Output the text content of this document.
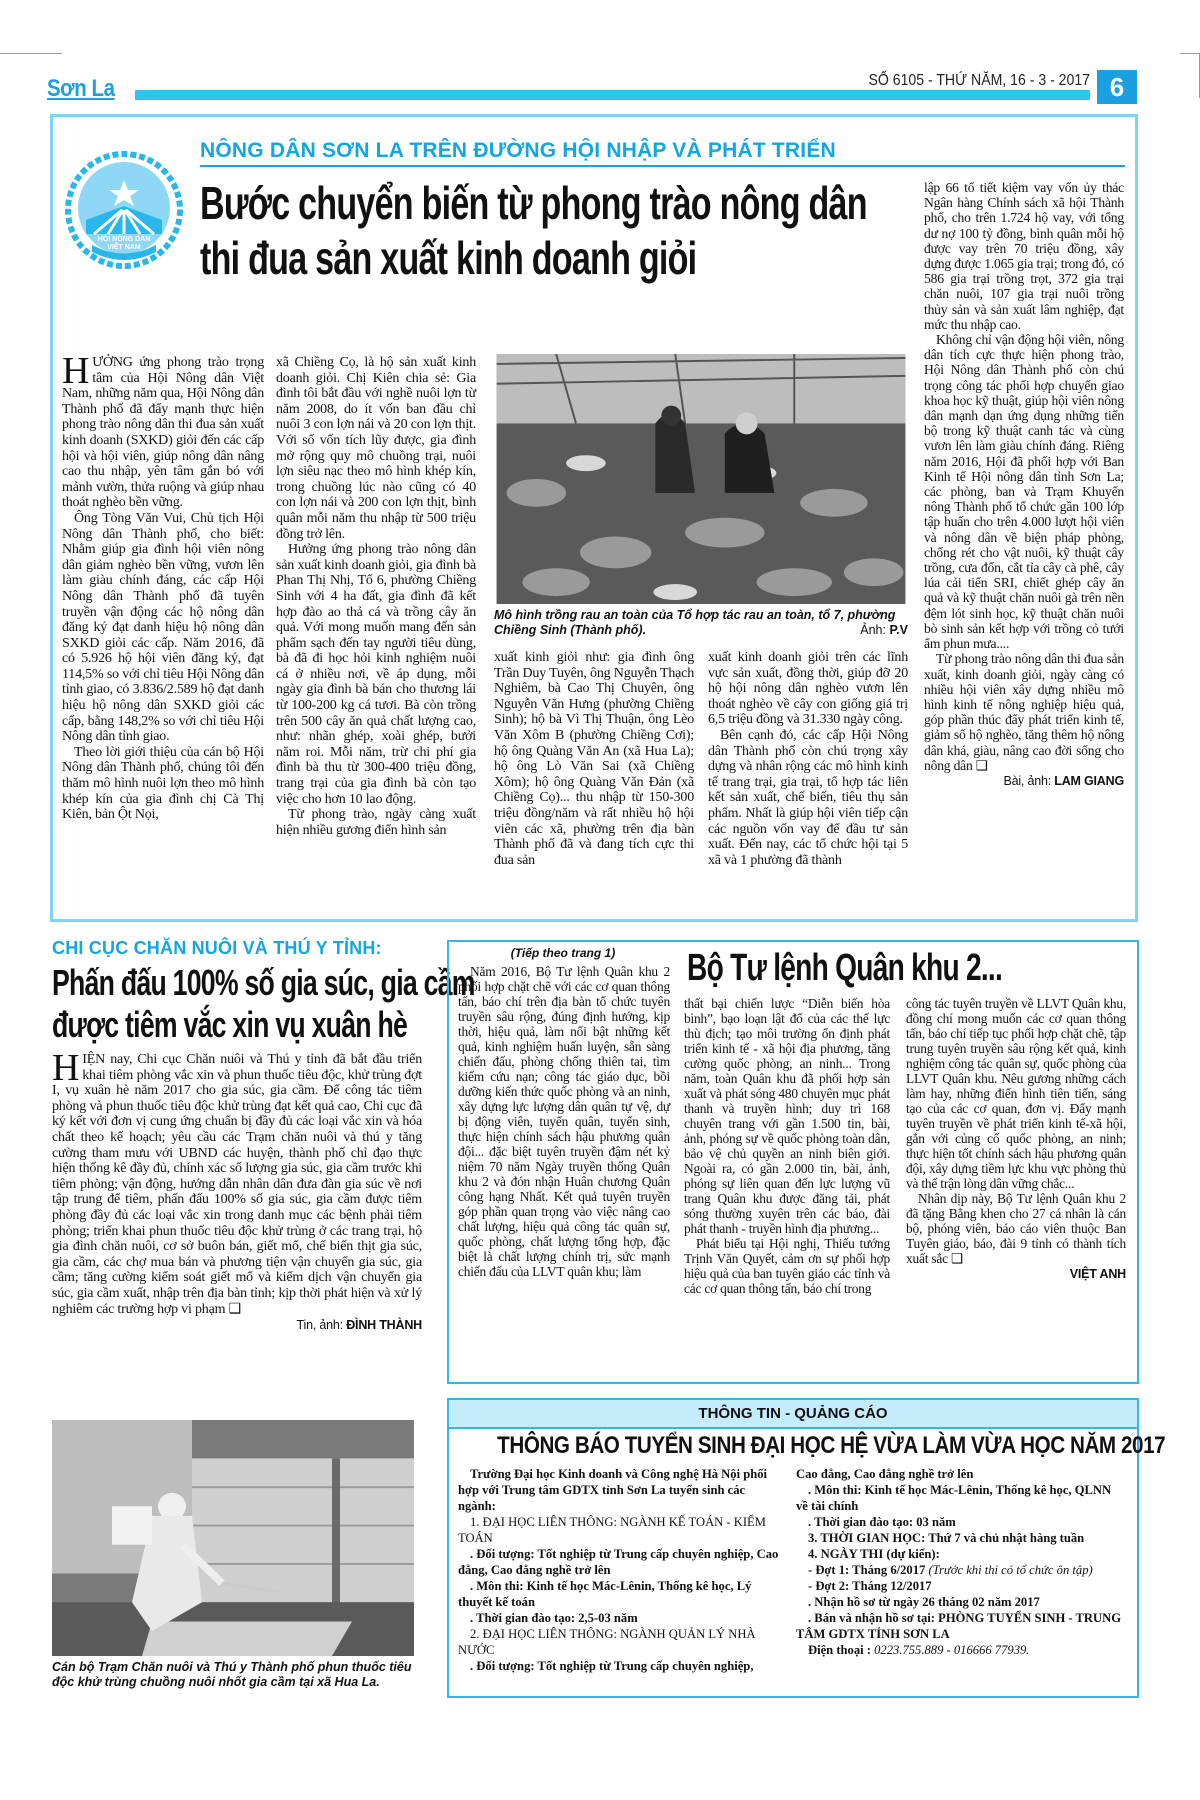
Sơn La	SỐ 6105 - THỨ NĂM, 16 - 3 - 2017 6
HỘI NÔNG DÂN
VIỆT NAM
NÔNG DÂN SƠN LA TRÊN ĐƯỜNG HỘI NHẬP VÀ PHÁT TRIỂN
Bước chuyển biến từ phong trào nông dân
thi đua sản xuất kinh doanh giỏi

HƯỞNG ứng phong trào trọng tâm của Hội Nông dân Việt Nam, những năm qua, Hội Nông dân Thành phố đã đẩy mạnh thực hiện phong trào nông dân thi đua sản xuất kinh doanh (SXKD) giỏi đến các cấp hội và hội viên, giúp nông dân nâng cao thu nhập, yên tâm gắn bó với mảnh vườn, thửa ruộng và giúp nhau thoát nghèo bền vững.

Ông Tòng Văn Vui, Chủ tịch Hội Nông dân Thành phố, cho biết: Nhằm giúp gia đình hội viên nông dân giảm nghèo bền vững, vươn lên làm giàu chính đáng, các cấp Hội Nông dân Thành phố đã tuyên truyền vận động các hộ nông dân đăng ký đạt danh hiệu hộ nông dân SXKD giỏi các cấp. Năm 2016, đã có 5.926 hộ hội viên đăng ký, đạt 114,5% so với chỉ tiêu Hội Nông dân tỉnh giao, có 3.836/2.589 hộ đạt danh hiệu hộ nông dân SXKD giỏi các cấp, bằng 148,2% so với chỉ tiêu Hội Nông dân tỉnh giao.

Theo lời giới thiệu của cán bộ Hội Nông dân Thành phố, chúng tôi đến thăm mô hình nuôi lợn theo mô hình khép kín của gia đình chị Cà Thị Kiên, bản Ột Nọi,

xã Chiềng Cọ, là hộ sản xuất kinh doanh giỏi. Chị Kiên chia sẻ: Gia đình tôi bắt đầu với nghề nuôi lợn từ năm 2008, do ít vốn ban đầu chỉ nuôi 3 con lợn nái và 20 con lợn thịt. Với số vốn tích lũy được, gia đình mở rộng quy mô chuồng trại, nuôi lợn siêu nạc theo mô hình khép kín, trong chuồng lúc nào cũng có 40 con lợn nái và 200 con lợn thịt, bình quân mỗi năm thu nhập từ 500 triệu đồng trở lên.

Hưởng ứng phong trào nông dân sản xuất kinh doanh giỏi, gia đình bà Phan Thị Nhị, Tổ 6, phường Chiềng Sinh với 4 ha đất, gia đình đã kết hợp đào ao thả cá và trồng cây ăn quả. Với mong muốn mang đến sản phẩm sạch đến tay người tiêu dùng, bà đã đi học hỏi kinh nghiệm nuôi cá ở nhiều nơi, về áp dụng, mỗi ngày gia đình bà bán cho thương lái từ 100-200 kg cá tươi. Bà còn trồng trên 500 cây ăn quả chất lượng cao, như: nhãn ghép, xoài ghép, bưởi năm roi. Mỗi năm, trừ chi phí gia đình bà thu từ 300-400 triệu đồng, trang trại của gia đình bà còn tạo việc cho hơn 10 lao động.

Từ phong trào, ngày càng xuất hiện nhiều gương điển hình sản

Mô hình trồng rau an toàn của Tổ hợp tác rau an toàn, tổ 7, phường Chiềng Sinh (Thành phố).	Ảnh: P.V

xuất kinh giỏi như: gia đình ông Trần Duy Tuyên, ông Nguyễn Thạch Nghiêm, bà Cao Thị Chuyên, ông Nguyễn Văn Hưng (phường Chiềng Sinh); hộ bà Vì Thị Thuận, ông Lèo Văn Xôm B (phường Chiềng Cơi); hộ ông Quàng Văn An (xã Hua La); hộ ông Lò Văn Sai (xã Chiềng Xôm); hộ ông Quàng Văn Đản (xã Chiềng Cọ)... thu nhập từ 150-300 triệu đồng/năm và rất nhiều hộ hội viên các xã, phường trên địa bàn Thành phố đã và đang tích cực thi đua sản

xuất kinh doanh giỏi trên các lĩnh vực sản xuất, đồng thời, giúp đỡ 20 hộ hội nông dân nghèo vươn lên thoát nghèo về cây con giống giá trị 6,5 triệu đồng và 31.330 ngày công.

Bên cạnh đó, các cấp Hội Nông dân Thành phố còn chú trọng xây dựng và nhân rộng các mô hình kinh tế trang trại, gia trại, tổ hợp tác liên kết sản xuất, chế biến, tiêu thụ sản phẩm. Nhất là giúp hội viên tiếp cận các nguồn vốn vay để đầu tư sản xuất. Đến nay, các tổ chức hội tại 5 xã và 1 phường đã thành

lập 66 tổ tiết kiệm vay vốn ủy thác Ngân hàng Chính sách xã hội Thành phố, cho trên 1.724 hộ vay, với tổng dư nợ 100 tỷ đồng, bình quân mỗi hộ được vay trên 70 triệu đồng, xây dựng được 1.065 gia trại; trong đó, có 586 gia trại trồng trọt, 372 gia trại chăn nuôi, 107 gia trại nuôi trồng thủy sản và sản xuất lâm nghiệp, đạt mức thu nhập cao.

Không chỉ vận động hội viên, nông dân tích cực thực hiện phong trào, Hội Nông dân Thành phố còn chú trọng công tác phối hợp chuyển giao khoa học kỹ thuật, giúp hội viên nông dân mạnh dạn ứng dụng những tiến bộ trong kỹ thuật canh tác và cùng vươn lên làm giàu chính đáng. Riêng năm 2016, Hội đã phối hợp với Ban Kinh tế Hội nông dân tỉnh Sơn La; các phòng, ban và Trạm Khuyến nông Thành phố tổ chức gần 100 lớp tập huấn cho trên 4.000 lượt hội viên và nông dân về biện pháp phòng, chống rét cho vật nuôi, kỹ thuật cây trồng, cưa đốn, cắt tỉa cây cà phê, cây lúa cải tiến SRI, chiết ghép cây ăn quả và kỹ thuật chăn nuôi gà trên nền đệm lót sinh học, kỹ thuật chăn nuôi bò sinh sản kết hợp với trồng cỏ tưới ẩm phun mưa....

Từ phong trào nông dân thi đua sản xuất, kinh doanh giỏi, ngày càng có nhiều hội viên xây dựng nhiều mô hình kinh tế nông nghiệp hiệu quả, góp phần thúc đẩy phát triển kinh tế, giảm số hộ nghèo, tăng thêm hộ nông dân khá, giàu, nâng cao đời sống cho nông dân ❑

Bài, ảnh: LAM GIANG
CHI CỤC CHĂN NUÔI VÀ THÚ Y TỈNH:
Phấn đấu 100% số gia súc, gia cầm
được tiêm vắc xin vụ xuân hè

HIỆN nay, Chi cục Chăn nuôi và Thú y tỉnh đã bắt đầu triển khai tiêm phòng vắc xin và phun thuốc tiêu độc, khử trùng đợt I, vụ xuân hè năm 2017 cho gia súc, gia cầm. Để công tác tiêm phòng và phun thuốc tiêu độc khử trùng đạt kết quả cao, Chi cục đã ký kết với đơn vị cung ứng chuẩn bị đầy đủ các loại vắc xin và hóa chất theo kế hoạch; yêu cầu các Trạm chăn nuôi và thú y tăng cường tham mưu với UBND các huyện, thành phố chỉ đạo thực hiện thống kê đầy đủ, chính xác số lượng gia súc, gia cầm trước khi tiêm phòng; vận động, hướng dẫn nhân dân đưa đàn gia súc về nơi tập trung để tiêm, phấn đấu 100% số gia súc, gia cầm được tiêm phòng đầy đủ các loại vắc xin trong danh mục các bệnh phải tiêm phòng; triển khai phun thuốc tiêu độc khử trùng ở các trang trại, hộ gia đình chăn nuôi, cơ sở buôn bán, giết mổ, chế biến thịt gia súc, gia cầm, các chợ mua bán và phương tiện vận chuyển gia súc, gia cầm; tăng cường kiểm soát giết mổ và kiểm dịch vận chuyển gia súc, gia cầm xuất, nhập trên địa bàn tỉnh; kịp thời phát hiện và xử lý nghiêm các trường hợp vi phạm ❑

Tin, ảnh: ĐÌNH THÀNH
Cán bộ Trạm Chăn nuôi và Thú y Thành phố phun thuốc tiêu độc khử trùng chuồng nuôi nhốt gia cầm tại xã Hua La.
(Tiếp theo trang 1)	Bộ Tư lệnh Quân khu 2...

Năm 2016, Bộ Tư lệnh Quân khu 2 phối hợp chặt chẽ với các cơ quan thông tấn, báo chí trên địa bàn tổ chức tuyên truyền sâu rộng, đúng định hướng, kịp thời, hiệu quả, làm nổi bật những kết quả, kinh nghiệm huấn luyện, sẵn sàng chiến đấu, phòng chống thiên tai, tìm kiếm cứu nạn; công tác giáo dục, bồi dưỡng kiến thức quốc phòng và an ninh, xây dựng lực lượng dân quân tự vệ, dự bị động viên, tuyển quân, tuyển sinh, thực hiện chính sách hậu phương quân đội... đặc biệt tuyên truyền đậm nét kỷ niệm 70 năm Ngày truyền thống Quân khu 2 và đón nhận Huân chương Quân công hạng Nhất. Kết quả tuyên truyền góp phần quan trọng vào việc nâng cao chất lượng, hiệu quả công tác quân sự, quốc phòng, chất lượng tổng hợp, đặc biệt là chất lượng chính trị, sức mạnh chiến đấu của LLVT quân khu; làm

thất bại chiến lược “Diễn biến hòa bình”, bạo loạn lật đổ của các thế lực thù địch; tạo môi trường ổn định phát triển kinh tế - xã hội địa phương, tăng cường quốc phòng, an ninh... Trong năm, toàn Quân khu đã phối hợp sản xuất và phát sóng 480 chuyên mục phát thanh và truyền hình; duy trì 168 chuyên trang với gần 1.500 tin, bài, ảnh, phóng sự về quốc phòng toàn dân, bảo vệ chủ quyền an ninh biên giới. Ngoài ra, có gần 2.000 tin, bài, ảnh, phóng sự liên quan đến lực lượng vũ trang Quân khu được đăng tải, phát sóng thường xuyên trên các báo, đài phát thanh - truyền hình địa phương...

Phát biểu tại Hội nghị, Thiếu tướng Trịnh Văn Quyết, cảm ơn sự phối hợp hiệu quả của ban tuyên giáo các tỉnh và các cơ quan thông tấn, báo chí trong

công tác tuyên truyền về LLVT Quân khu, đồng chí mong muốn các cơ quan thông tấn, báo chí tiếp tục phối hợp chặt chẽ, tập trung tuyên truyền sâu rộng kết quả, kinh nghiệm công tác quân sự, quốc phòng của LLVT Quân khu. Nêu gương những cách làm hay, những điển hình tiên tiến, sáng tạo của các cơ quan, đơn vị. Đẩy mạnh tuyên truyền về phát triển kinh tế-xã hội, gắn với củng cố quốc phòng, an ninh; thực hiện tốt chính sách hậu phương quân đội, xây dựng tiềm lực khu vực phòng thủ và thế trận lòng dân vững chắc...

Nhân dịp này, Bộ Tư lệnh Quân khu 2 đã tặng Bằng khen cho 27 cá nhân là cán bộ, phóng viên, báo cáo viên thuộc Ban Tuyên giáo, báo, đài 9 tỉnh có thành tích xuất sắc ❑

VIỆT ANH
THÔNG TIN - QUẢNG CÁO
THÔNG BÁO TUYỂN SINH ĐẠI HỌC HỆ VỪA LÀM VỪA HỌC NĂM 2017

Trường Đại học Kinh doanh và Công nghệ Hà Nội phối hợp với Trung tâm GDTX tỉnh Sơn La tuyển sinh các ngành:

1. ĐẠI HỌC LIÊN THÔNG: NGÀNH KẾ TOÁN - KIỂM TOÁN

. Đối tượng: Tốt nghiệp từ Trung cấp chuyên nghiệp, Cao đẳng, Cao đẳng nghề trở lên

. Môn thi: Kinh tế học Mác-Lênin, Thống kê học, Lý thuyết kế toán

. Thời gian đào tạo: 2,5-03 năm

2. ĐẠI HỌC LIÊN THÔNG: NGÀNH QUẢN LÝ NHÀ NƯỚC

. Đối tượng: Tốt nghiệp từ Trung cấp chuyên nghiệp,

Cao đẳng, Cao đẳng nghề trở lên

. Môn thi: Kinh tế học Mác-Lênin, Thống kê học, QLNN về tài chính

. Thời gian đào tạo: 03 năm

3. THỜI GIAN HỌC: Thứ 7 và chủ nhật hàng tuần

4. NGÀY THI (dự kiến):

- Đợt 1: Tháng 6/2017 (Trước khi thi có tổ chức ôn tập)

- Đợt 2: Tháng 12/2017

. Nhận hồ sơ từ ngày 26 tháng 02 năm 2017

. Bán và nhận hồ sơ tại: PHÒNG TUYỂN SINH - TRUNG TÂM GDTX TỈNH SƠN LA

Điện thoại : 0223.755.889 - 016666 77939.
